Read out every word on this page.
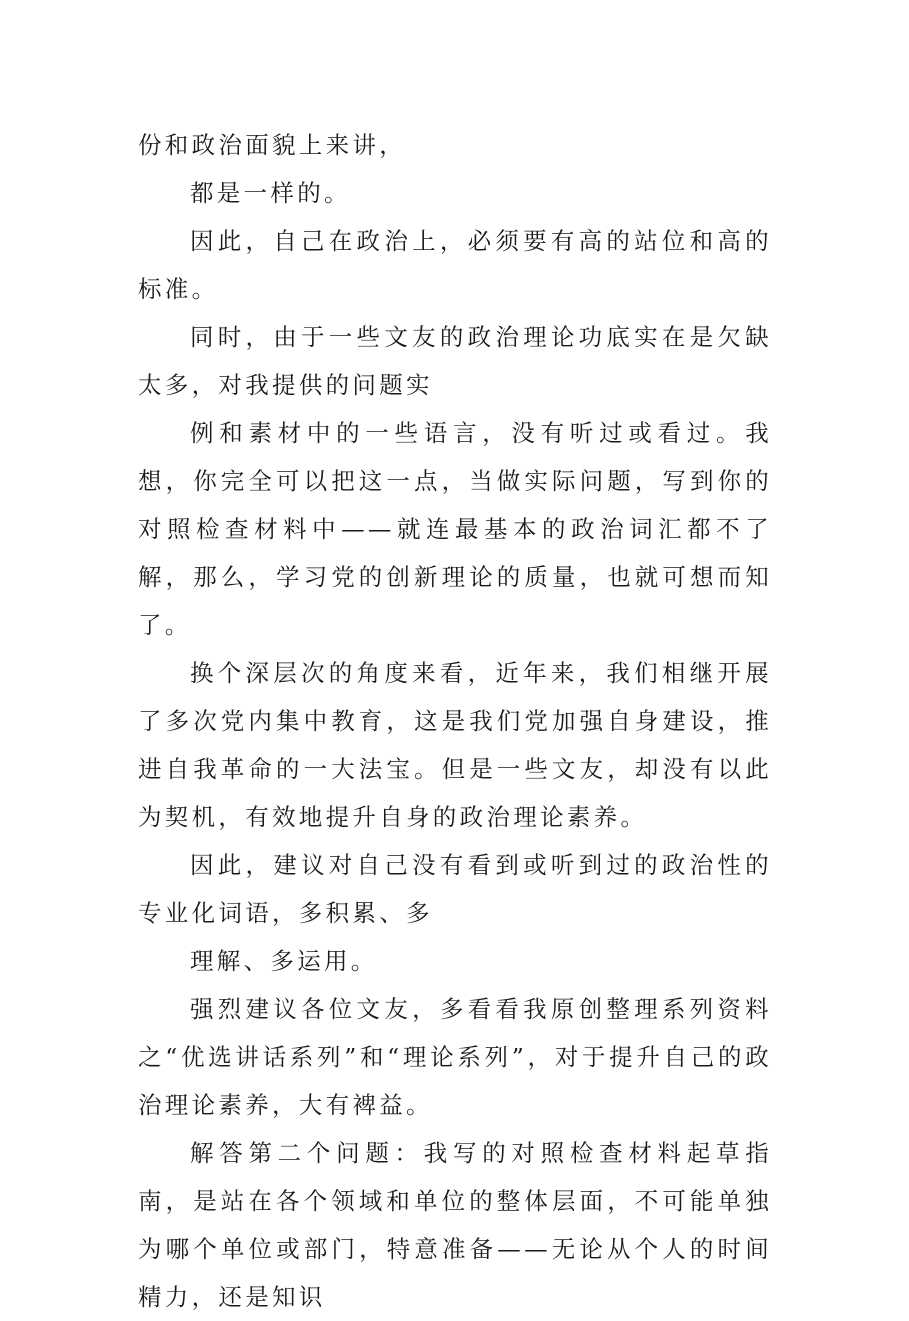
份和政治面貌上来讲，

都是一样的。

因此，自己在政治上，必须要有高的站位和高的标准。

同时，由于一些文友的政治理论功底实在是欠缺太多，对我提供的问题实

例和素材中的一些语言，没有听过或看过。我想，你完全可以把这一点，当做实际问题，写到你的对照检查材料中——就连最基本的政治词汇都不了解，那么，学习党的创新理论的质量，也就可想而知了。

换个深层次的角度来看，近年来，我们相继开展了多次党内集中教育，这是我们党加强自身建设，推进自我革命的一大法宝。但是一些文友，却没有以此为契机，有效地提升自身的政治理论素养。

因此，建议对自己没有看到或听到过的政治性的专业化词语，多积累、多

理解、多运用。

强烈建议各位文友，多看看我原创整理系列资料之“优选讲话系列”和“理论系列”，对于提升自己的政治理论素养，大有裨益。

解答第二个问题：我写的对照检查材料起草指南，是站在各个领域和单位的整体层面，不可能单独为哪个单位或部门，特意准备——无论从个人的时间精力，还是知识
